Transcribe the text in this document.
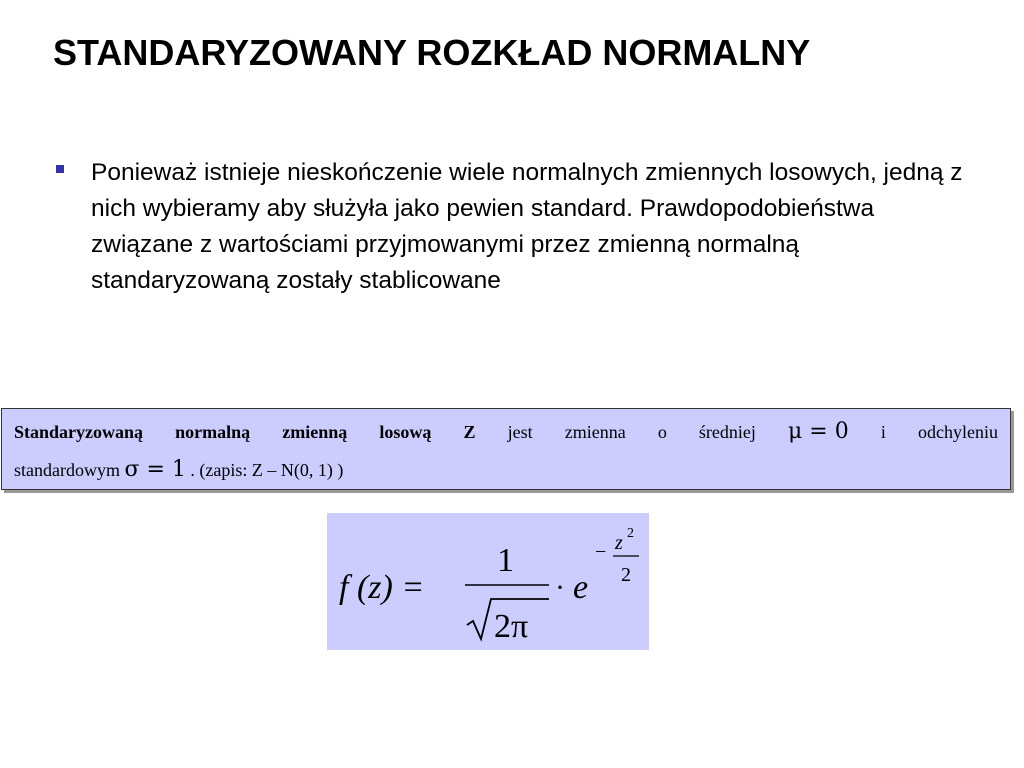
STANDARYZOWANY ROZKŁAD NORMALNY
Ponieważ istnieje nieskończenie wiele normalnych zmiennych losowych, jedną z nich wybieramy aby służyła jako pewien standard. Prawdopodobieństwa związane z wartościami przyjmowanymi przez zmienną normalną standaryzowaną zostały stablicowane
Standaryzowaną normalną zmienną losową Z jest zmienna o średniej μ = 0 i odchyleniu
standardowym σ = 1 . (zapis: Z – N(0, 1) )
f (z) =
1
2π
· e
− z 2
2
